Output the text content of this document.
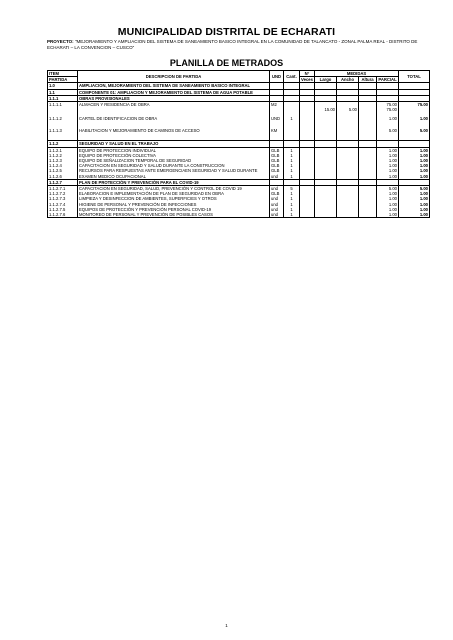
MUNICIPALIDAD DISTRITAL DE ECHARATI
PROYECTO: "MEJORAMIENTO Y AMPLIACION DEL SISTEMA DE SANEAMIENTO BASICO INTEGRAL EN LA COMUNIDAD DE TALANCATO - ZONAL PALMA REAL - DISTRITO DE ECHARATI – LA CONVENCION – CUSCO"
PLANILLA DE METRADOS
ITEM	DESCRIPCION DE PARTIDA	UND	Cant.	N°	MEDIDAS				TOTAL
PARTIDA				Veces	Largo	Ancho	Altura	PARCIAL	
1.0	AMPLIACION, MEJORAMIENTO DEL SISTEMA DE SANEAMIENTO BASICO INTEGRAL								
1.1	COMPONENTE 01: AMPLIACION Y MEJORAMIENTO DEL SISTEMA DE AGUA POTABLE								
1.1.1	OBRAS PROVISIONALES								
1.1.1.1	ALMACEN Y RESIDENCIA DE OBRA	M2						75.00	75.00
					15.00	5.00		75.00	

1.1.1.2	CARTEL DE IDENTIFICACION DE OBRA	UND	1					1.00	1.00

1.1.1.3	HABILITACION Y MEJORAMIENTO DE CAMINOS DE ACCESO	KM						5.00	5.00

1.1.2	SEGURIDAD Y SALUD EN EL TRABAJO								
1.1.2.1	EQUIPO DE PROTECCION INDIVIDUAL	GLB	1					1.00	1.00
1.1.2.2	EQUIPO DE PROTECCIÓN COLECTIVA	GLB	1					1.00	1.00
1.1.2.3	EQUIPO DE SEÑALIZACION TEMPORAL DE SEGURIDAD	GLB	1					1.00	1.00
1.1.2.4	CAPACITACION EN SEGURIDAD Y SALUD DURANTE LA CONSTRUCCION	GLB	1					1.00	1.00
1.1.2.5	RECURSOS PARA RESPUESTAS ANTE EMERGENCIAEN SEGURIDAD Y SALUD DURANTE	GLB	1					1.00	1.00
1.1.2.6	EXAMEN MEDICO OCUPACIONAL	und	1					1.00	1.00
1.1.2.7	PLAN DE PROTECCIÓN Y PREVENCIÓN PARA EL COVID-19								
1.1.2.7.1	CAPACITACION EN SEGURIDAD, SALUD, PREVENCIÓN Y CONTROL DE COVID 19	und	5					5.00	5.00
1.1.2.7.2	ELABORACION E IMPLEMENTACIÓN DE PLAN DE SEGURIDAD EN OBRA	GLB	1					1.00	1.00
1.1.2.7.3	LIMPIEZA Y DESINFECCION DE AMBIENTES, SUPERFICIES Y OTROS	und	1					1.00	1.00
1.1.2.7.4	HIGIENE DE PERSONAL Y PREVENCIÓN DE INFECCIONES	und	1					1.00	1.00
1.1.2.7.5	EQUIPOS DE PROTECCIÓN Y PREVENCIÓN PERSONAL COVID-19	und	1					1.00	1.00
1.1.2.7.6	MONITOREO DE PERSONAL Y PREVENCIÓN DE POSIBLES CASOS	und	1					1.00	1.00
1
